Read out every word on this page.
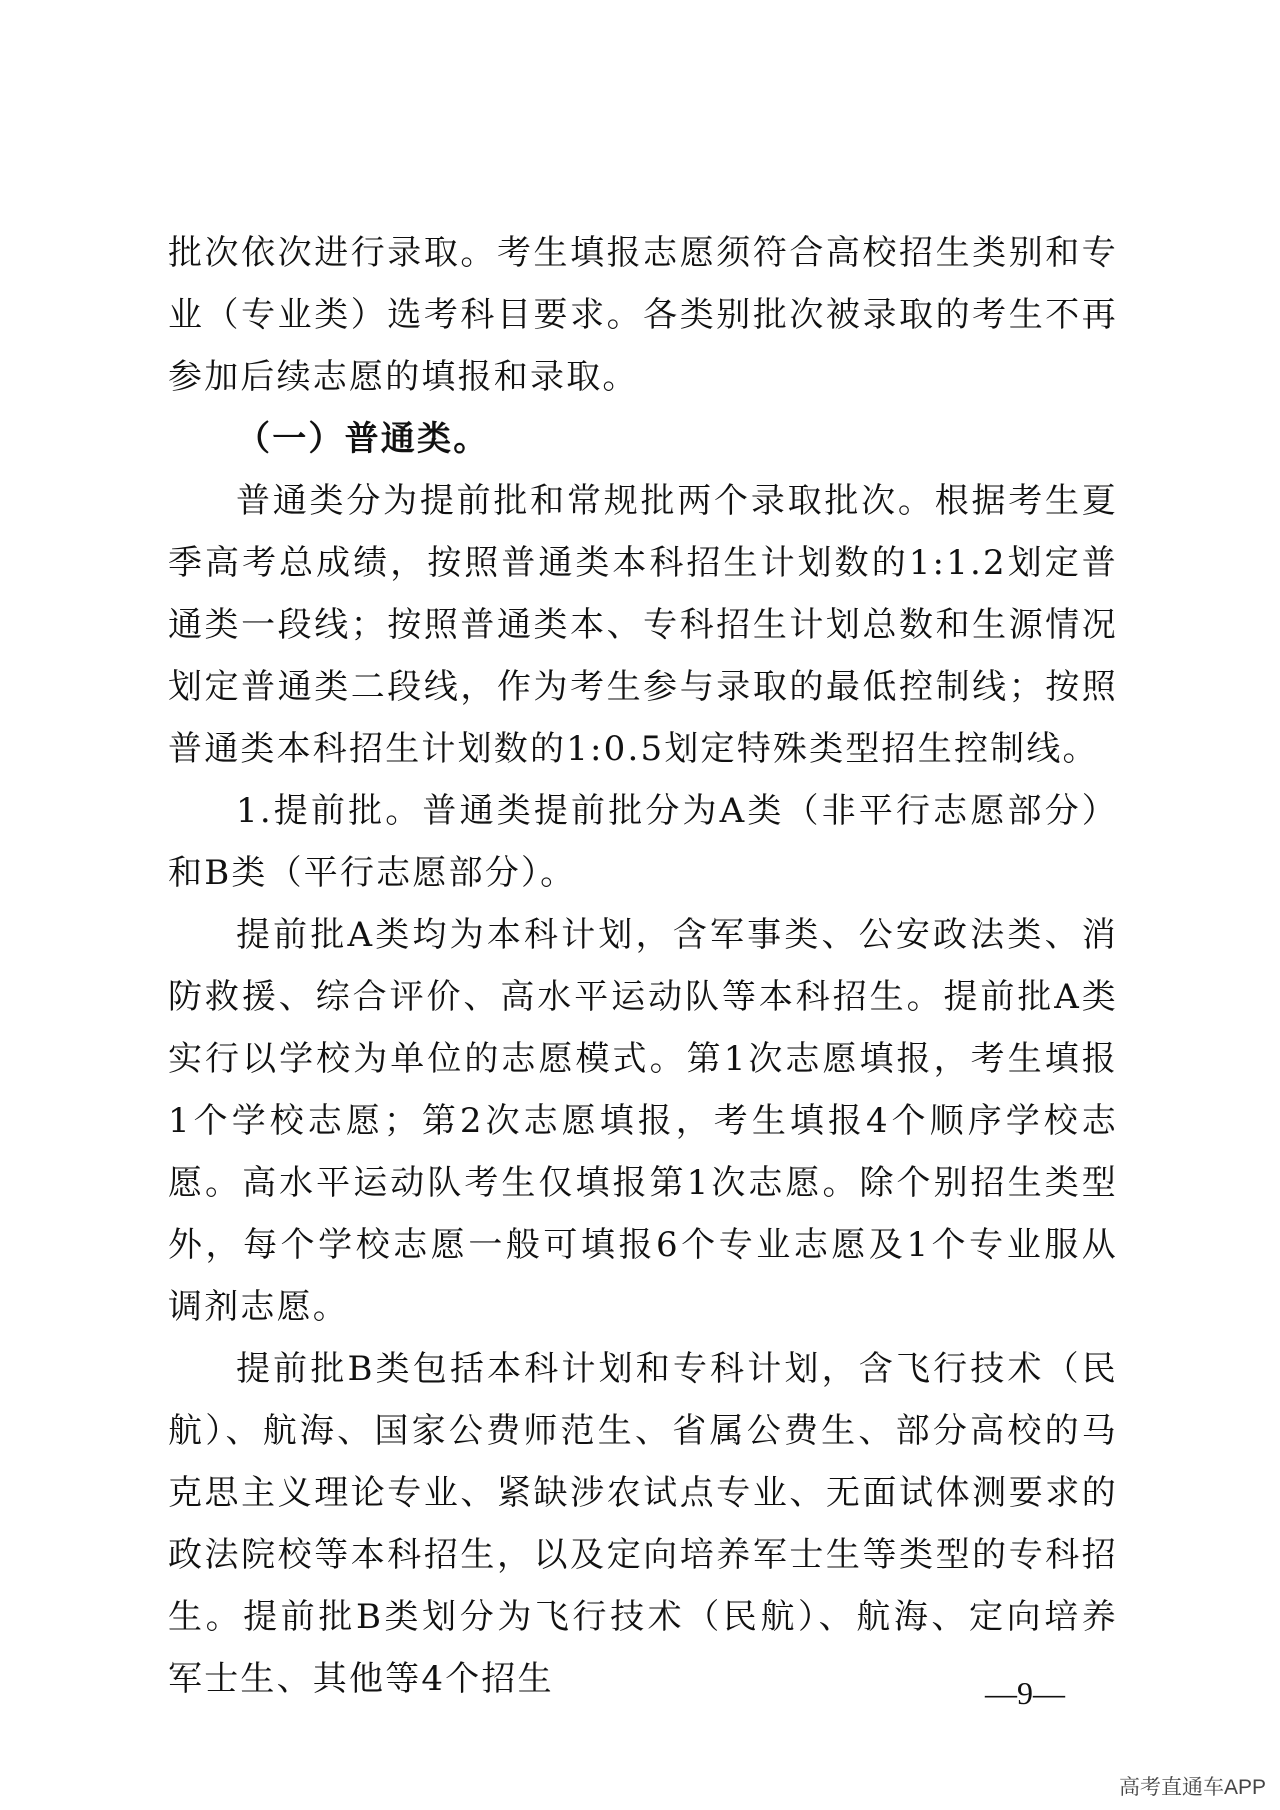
批次依次进行录取。考生填报志愿须符合高校招生类别和专业（专业类）选考科目要求。各类别批次被录取的考生不再参加后续志愿的填报和录取。

（一）普通类。

普通类分为提前批和常规批两个录取批次。根据考生夏季高考总成绩，按照普通类本科招生计划数的1:1.2划定普通类一段线；按照普通类本、专科招生计划总数和生源情况划定普通类二段线，作为考生参与录取的最低控制线；按照普通类本科招生计划数的1:0.5划定特殊类型招生控制线。

1.提前批。普通类提前批分为A类（非平行志愿部分）和B类（平行志愿部分）。

提前批A类均为本科计划，含军事类、公安政法类、消防救援、综合评价、高水平运动队等本科招生。提前批A类实行以学校为单位的志愿模式。第1次志愿填报，考生填报1个学校志愿；第2次志愿填报，考生填报4个顺序学校志愿。高水平运动队考生仅填报第1次志愿。除个别招生类型外，每个学校志愿一般可填报6个专业志愿及1个专业服从调剂志愿。

提前批B类包括本科计划和专科计划，含飞行技术（民航）、航海、国家公费师范生、省属公费生、部分高校的马克思主义理论专业、紧缺涉农试点专业、无面试体测要求的政法院校等本科招生，以及定向培养军士生等类型的专科招生。提前批B类划分为飞行技术（民航）、航海、定向培养军士生、其他等4个招生	—9—
高考直通车APP
